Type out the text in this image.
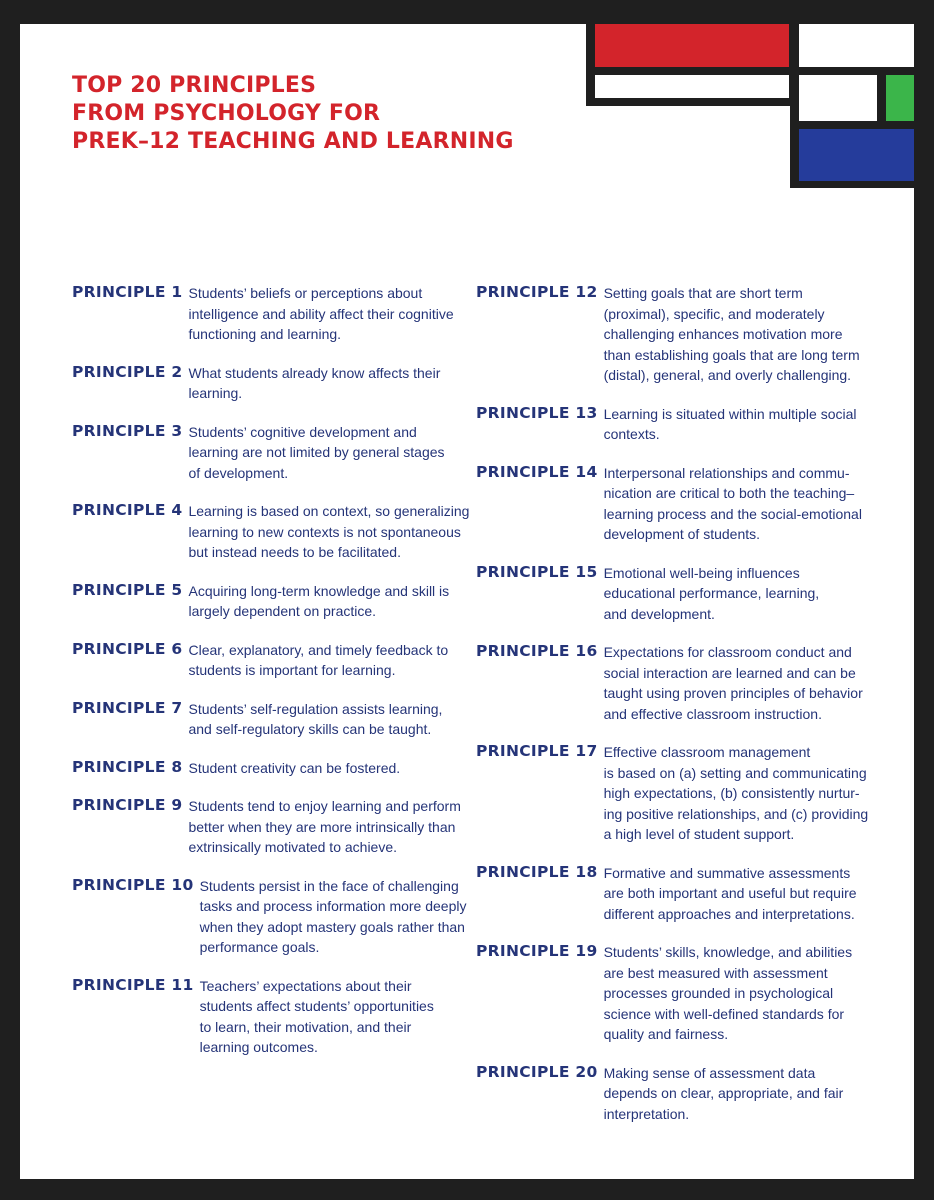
TOP 20 PRINCIPLES
FROM PSYCHOLOGY FOR
PREK–12 TEACHING AND LEARNING
PRINCIPLE 1 Students’ beliefs or perceptions about
intelligence and ability affect their cognitive
functioning and learning.
PRINCIPLE 2 What students already know affects their
learning.
PRINCIPLE 3 Students’ cognitive development and
learning are not limited by general stages
of development.
PRINCIPLE 4 Learning is based on context, so generalizing
learning to new contexts is not spontaneous
but instead needs to be facilitated.
PRINCIPLE 5 Acquiring long-term knowledge and skill is
largely dependent on practice.
PRINCIPLE 6 Clear, explanatory, and timely feedback to
students is important for learning.
PRINCIPLE 7 Students’ self-regulation assists learning,
and self-regulatory skills can be taught.
PRINCIPLE 8 Student creativity can be fostered.
PRINCIPLE 9 Students tend to enjoy learning and perform
better when they are more intrinsically than
extrinsically motivated to achieve.
PRINCIPLE 10 Students persist in the face of challenging
tasks and process information more deeply
when they adopt mastery goals rather than
performance goals.
PRINCIPLE 11 Teachers’ expectations about their
students affect students’ opportunities
to learn, their motivation, and their
learning outcomes.
PRINCIPLE 12 Setting goals that are short term
(proximal), specific, and moderately
challenging enhances motivation more
than establishing goals that are long term
(distal), general, and overly challenging.
PRINCIPLE 13 Learning is situated within multiple social
contexts.
PRINCIPLE 14 Interpersonal relationships and commu-
nication are critical to both the teaching–
learning process and the social-emotional
development of students.
PRINCIPLE 15 Emotional well-being influences
educational performance, learning,
and development.
PRINCIPLE 16 Expectations for classroom conduct and
social interaction are learned and can be
taught using proven principles of behavior
and effective classroom instruction.
PRINCIPLE 17 Effective classroom management
is based on (a) setting and communicating
high expectations, (b) consistently nurtur-
ing positive relationships, and (c) providing
a high level of student support.
PRINCIPLE 18 Formative and summative assessments
are both important and useful but require
different approaches and interpretations.
PRINCIPLE 19 Students’ skills, knowledge, and abilities
are best measured with assessment
processes grounded in psychological
science with well-defined standards for
quality and fairness.
PRINCIPLE 20 Making sense of assessment data
depends on clear, appropriate, and fair
interpretation.
